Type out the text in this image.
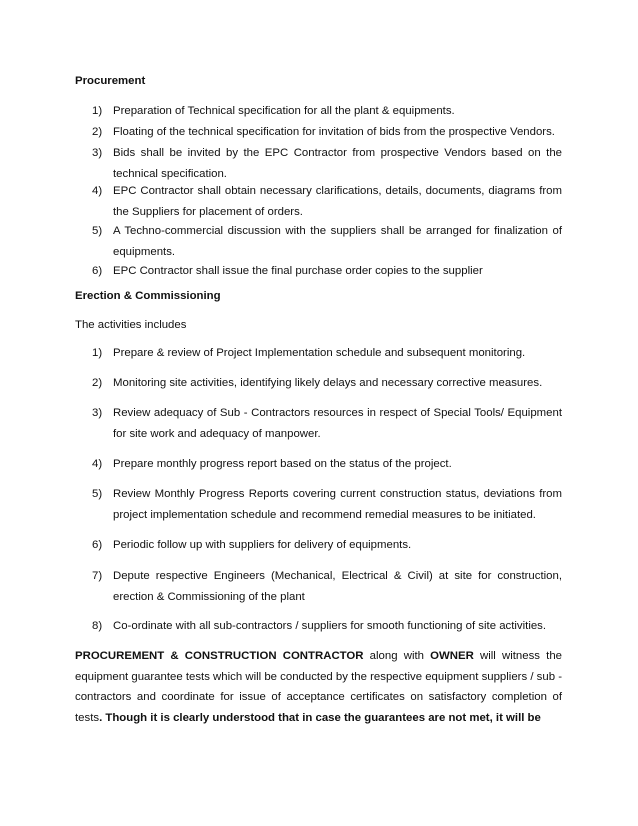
Procurement
1) Preparation of Technical specification for all the plant & equipments.
2) Floating of the technical specification for invitation of bids from the prospective Vendors.
3) Bids shall be invited by the EPC Contractor from prospective Vendors based on the technical specification.
4) EPC Contractor shall obtain necessary clarifications, details, documents, diagrams from the Suppliers for placement of orders.
5) A Techno-commercial discussion with the suppliers shall be arranged for finalization of equipments.
6) EPC Contractor shall issue the final purchase order copies to the supplier
Erection & Commissioning
The activities includes
1) Prepare & review of Project Implementation schedule and subsequent monitoring.
2) Monitoring site activities, identifying likely delays and necessary corrective measures.
3) Review adequacy of Sub - Contractors resources in respect of Special Tools/ Equipment for site work and adequacy of manpower.
4) Prepare monthly progress report based on the status of the project.
5) Review Monthly Progress Reports covering current construction status, deviations from project implementation schedule and recommend remedial measures to be initiated.
6) Periodic follow up with suppliers for delivery of equipments.
7) Depute respective Engineers (Mechanical, Electrical & Civil) at site for construction, erection & Commissioning of the plant
8) Co-ordinate with all sub-contractors / suppliers for smooth functioning of site activities.
PROCUREMENT & CONSTRUCTION CONTRACTOR along with OWNER will witness the equipment guarantee tests which will be conducted by the respective equipment suppliers / sub - contractors and coordinate for issue of acceptance certificates on satisfactory completion of tests. Though it is clearly understood that in case the guarantees are not met, it will be
